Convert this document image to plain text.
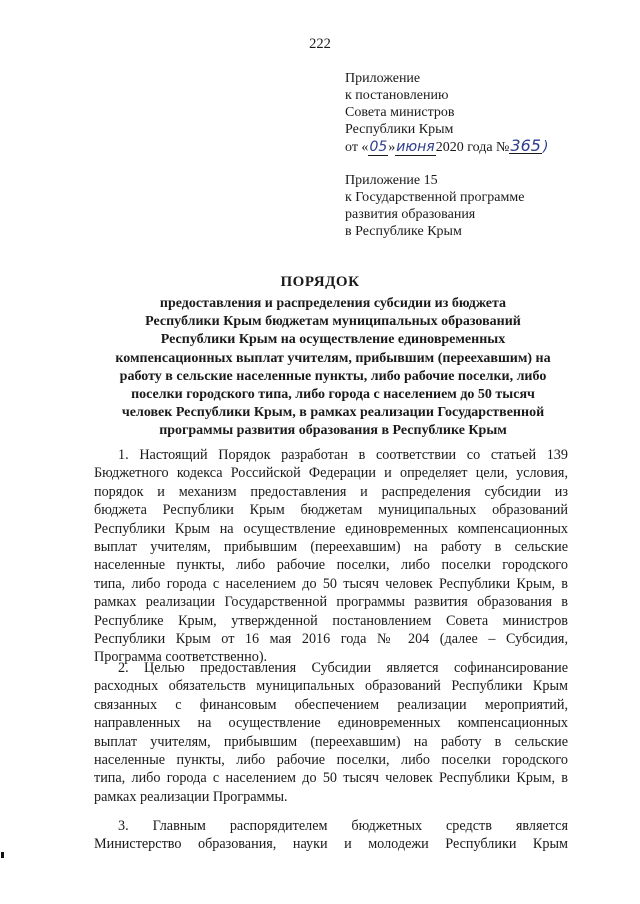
222
Приложение
к постановлению
Совета министров
Республики Крым
от «05»июня2020 года №365 )
Приложение 15
к Государственной программе
развития образования
в Республике Крым
ПОРЯДОК

предоставления и распределения субсидии из бюджета

Республики Крым бюджетам муниципальных образований

Республики Крым на осуществление единовременных

компенсационных выплат учителям, прибывшим (переехавшим) на

работу в сельские населенные пункты, либо рабочие поселки, либо

поселки городского типа, либо города с населением до 50 тысяч

человек Республики Крым, в рамках реализации Государственной

программы развития образования в Республике Крым

1. Настоящий Порядок разработан в соответствии со статьей 139
Бюджетного кодекса Российской Федерации и определяет цели, условия,
порядок и механизм предоставления и распределения субсидии из
бюджета Республики Крым бюджетам муниципальных образований
Республики Крым на осуществление единовременных компенсационных
выплат учителям, прибывшим (переехавшим) на работу в сельские
населенные пункты, либо рабочие поселки, либо поселки городского
типа, либо города с населением до 50 тысяч человек Республики Крым, в
рамках реализации Государственной программы развития образования в
Республике Крым, утвержденной постановлением Совета министров
Республики Крым от 16 мая 2016 года № 204 (далее – Субсидия,
Программа соответственно).
2. Целью предоставления Субсидии является софинансирование
расходных обязательств муниципальных образований Республики Крым
связанных с финансовым обеспечением реализации мероприятий,
направленных на осуществление единовременных компенсационных
выплат учителям, прибывшим (переехавшим) на работу в сельские
населенные пункты, либо рабочие поселки, либо поселки городского
типа, либо города с населением до 50 тысяч человек Республики Крым, в
рамках реализации Программы.
3. Главным распорядителем бюджетных средств является
Министерство образования, науки и молодежи Республики Крым
